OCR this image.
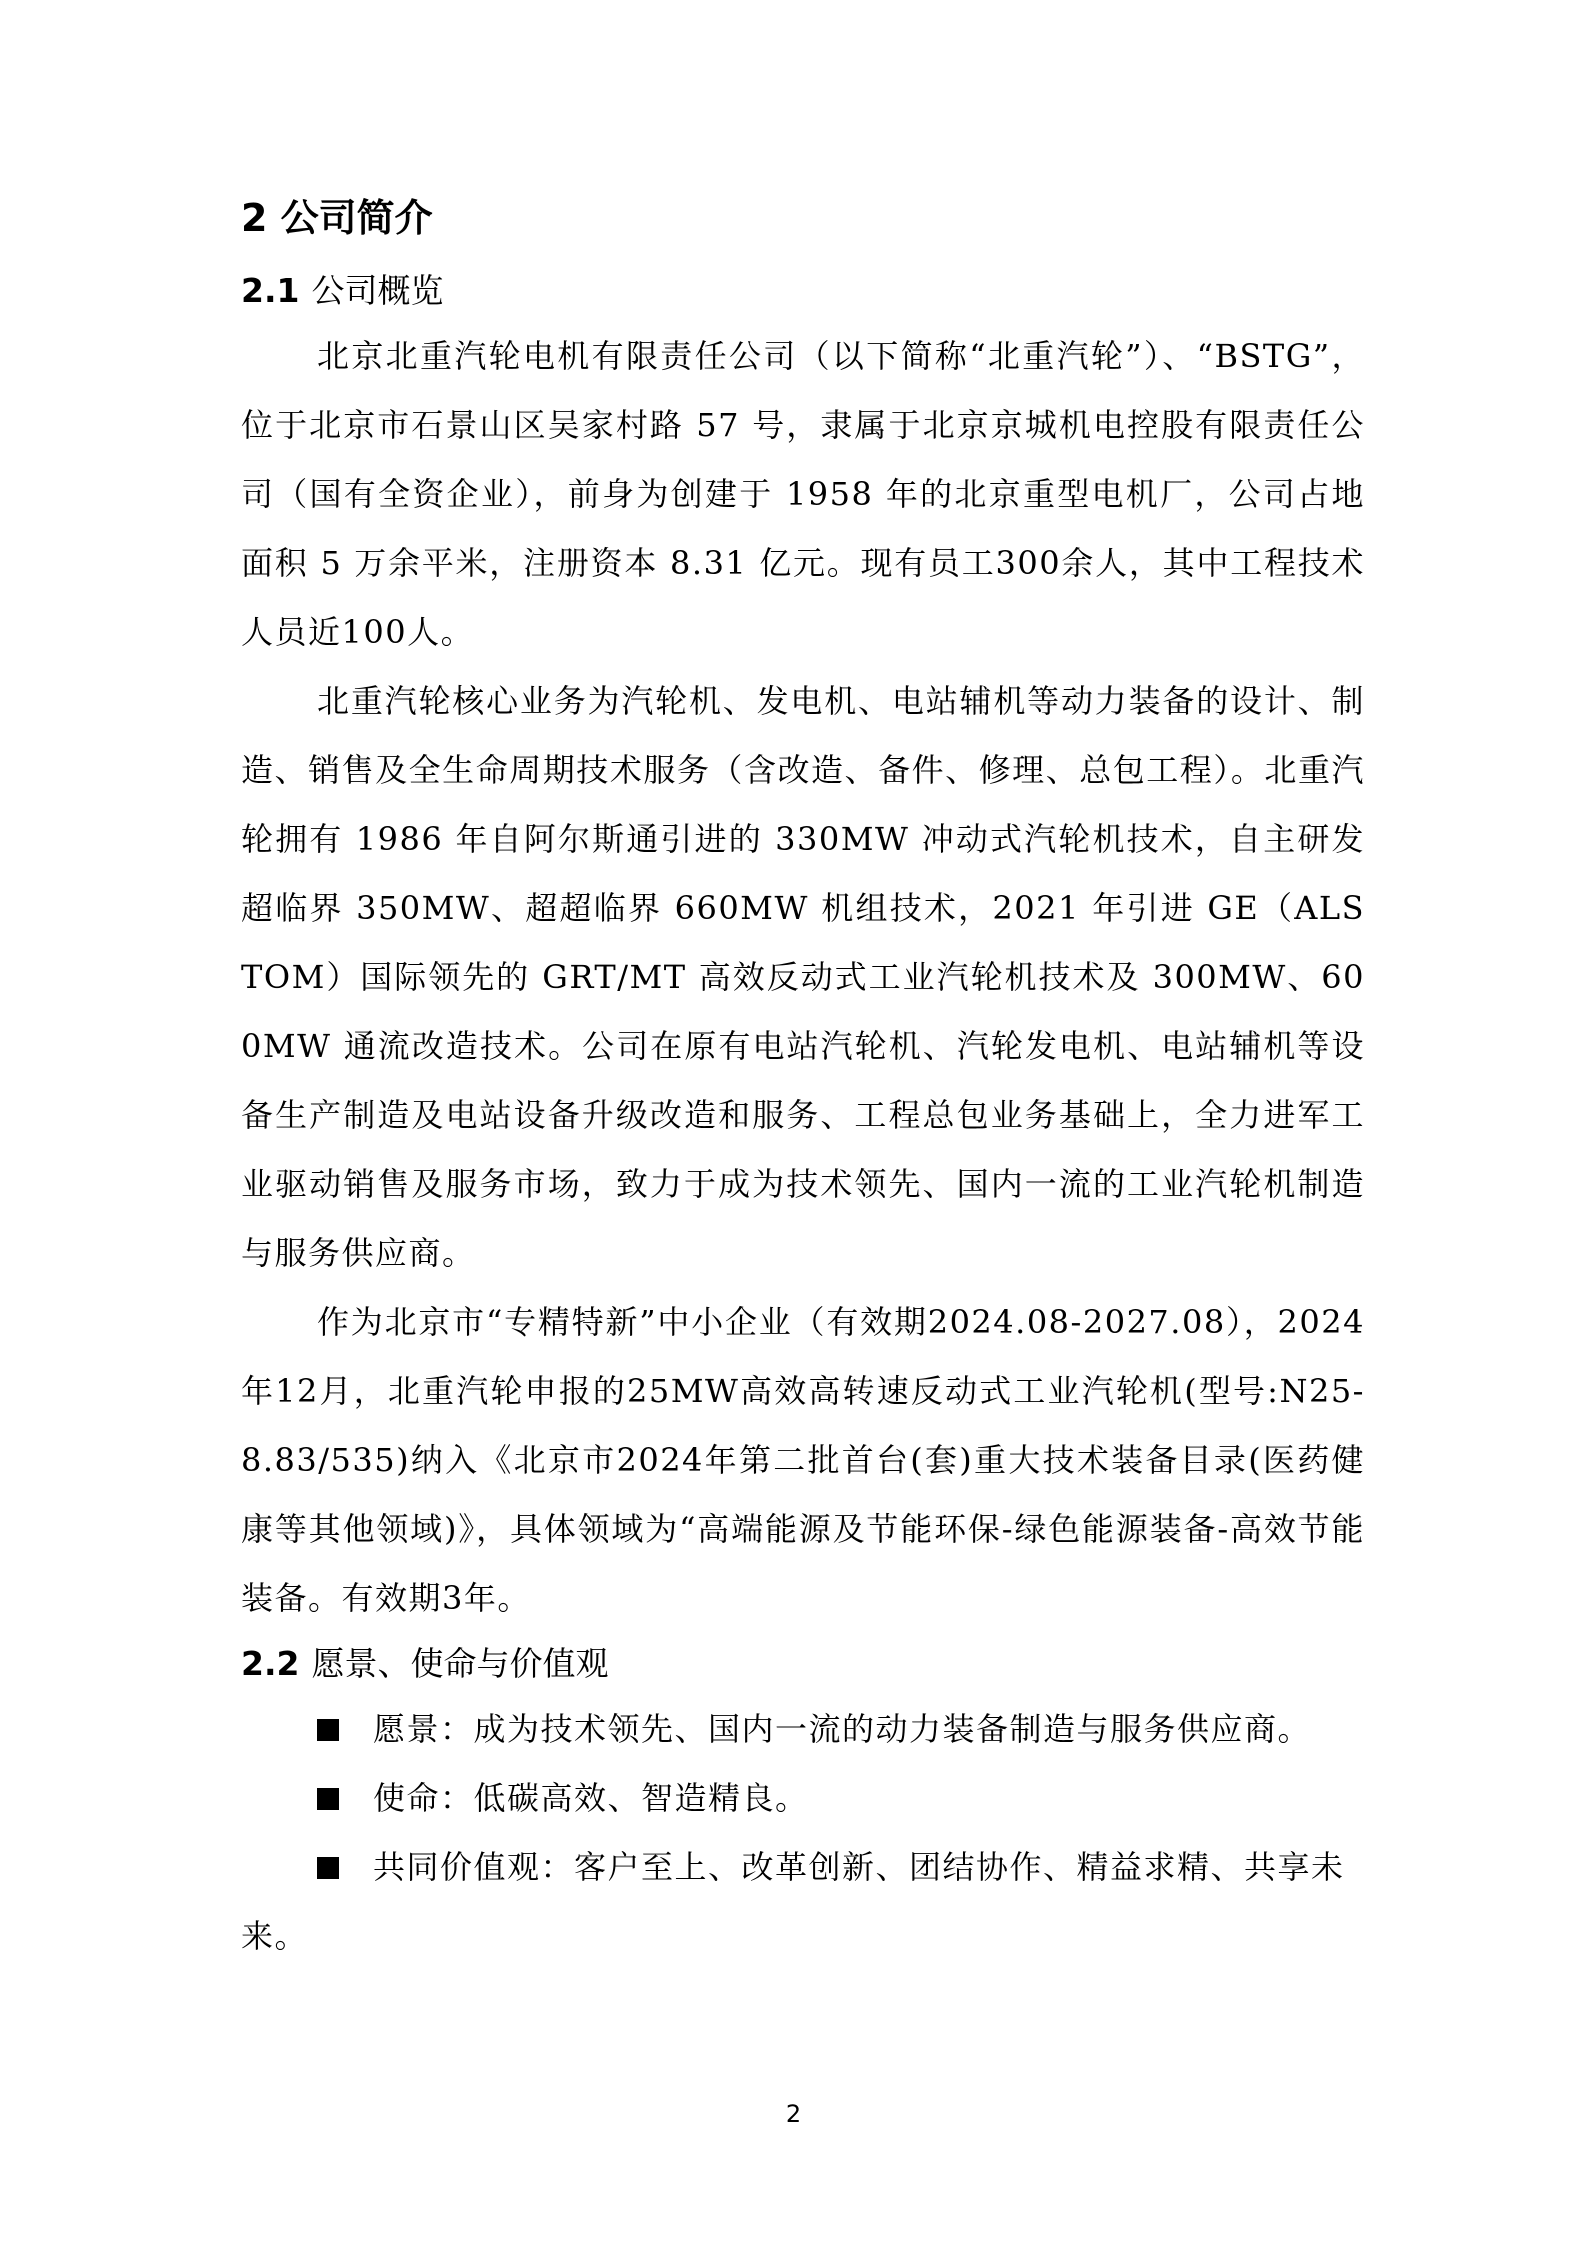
2 公司简介
2.1 公司概览

北京北重汽轮电机有限责任公司（以下简称“北重汽轮”）、“BSTG”，位于北京市石景山区吴家村路 57 号，隶属于北京京城机电控股有限责任公司（国有全资企业），前身为创建于 1958 年的北京重型电机厂，公司占地面积 5 万余平米，注册资本 8.31 亿元。现有员工300余人，其中工程技术人员近100人。

北重汽轮核心业务为汽轮机、发电机、电站辅机等动力装备的设计、制造、销售及全生命周期技术服务（含改造、备件、修理、总包工程）。北重汽轮拥有 1986 年自阿尔斯通引进的 330MW 冲动式汽轮机技术，自主研发超临界 350MW、超超临界 660MW 机组技术，2021 年引进 GE（ALSTOM）国际领先的 GRT/MT 高效反动式工业汽轮机技术及 300MW、600MW 通流改造技术。公司在原有电站汽轮机、汽轮发电机、电站辅机等设备生产制造及电站设备升级改造和服务、工程总包业务基础上，全力进军工业驱动销售及服务市场，致力于成为技术领先、国内一流的工业汽轮机制造与服务供应商。

作为北京市“专精特新”中小企业（有效期2024.08-2027.08），2024年12月，北重汽轮申报的25MW高效高转速反动式工业汽轮机(型号:N25-8.83/535)纳入《北京市2024年第二批首台(套)重大技术装备目录(医药健康等其他领域)》，具体领域为“高端能源及节能环保-绿色能源装备-高效节能装备。有效期3年。

2.2 愿景、使命与价值观

愿景：成为技术领先、国内一流的动力装备制造与服务供应商。

使命：低碳高效、智造精良。

共同价值观：客户至上、改革创新、团结协作、精益求精、共享未来。

2
